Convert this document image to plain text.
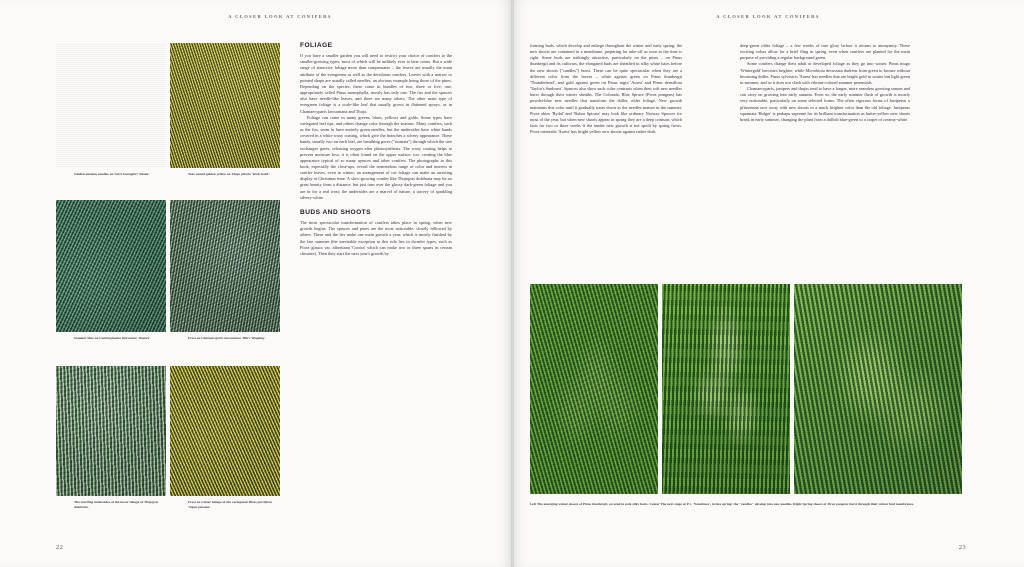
A CLOSER LOOK AT CONIFERS
Golden autumn needles on Larix kaempferi 'Diana'.	Year-round golden yellow on Thuja plicata 'Irish Gold'.
Summer blue on Cunninghamia lanceolata 'Glauca'.	Frost on Chamaecyparis lawsoniana 'Dik's Weeping'.
The startling undersides of the lower foliage of Thujopsis dolabrata.
Frost on winter foliage of the variegated Pinus parviflora 'Ogon-janome'.
FOLIAGE

If you have a smaller garden you will need to restrict your choice of conifers to the smaller-growing types, most of which will be unlikely ever to bear cones. But a wide range of attractive foliage more than compensates – the leaves are usually the main attribute of the evergreens as well as the deciduous conifers. Leaves with a narrow or pointed shape are usually called needles, an obvious example being those of the pines. Depending on the species, these come in bundles of two, three or five; one, appropriately called Pinus monophylla, mostly has only one. The firs and the spruces also have needle-like leaves, and there are many others. The other main type of evergreen foliage is a scale-like leaf that usually grows in flattened sprays, as in Chamaecyparis lawsoniana and Thuja.

Foliage can come in many greens, blues, yellows and golds. Some types have variegated leaf tips, and others change color through the seasons. Many conifers, such as the firs, seem to have entirely green needles, but the undersides have white bands covered in a white waxy coating, which give the branches a silvery appearance. These bands, usually two on each leaf, are breathing pores ("stomata") through which the tree exchanges gases, releasing oxygen after photosynthesis. The waxy coating helps to prevent moisture loss; it is often found on the upper surface, too, creating the blue appearance typical of so many spruces and other conifers. The photographs in this book, especially the close-ups, reveal the tremendous range of color and interest in conifer leaves, even in winter; an arrangement of cut foliage can make an arresting display at Christmas time. A slow-growing conifer like Thujopsis dolabrata may be no great beauty from a distance, but just turn over the glossy dark-green foliage and you are in for a real treat; the undersides are a marvel of nature, a tracery of sparkling silvery-white.

BUDS AND SHOOTS

The most spectacular transformation of conifers takes place in spring, when new growth begins. The spruces and pines are the most noticeable, closely followed by others. These and the firs make one main growth a year, which is mostly finished by the late summer (the inevitable exception to this rule lies in dwarfer types, such as Picea glauca var. albertiana 'Conica' which can make two or three spurts in certain climates). Then they start the next year's growth by

22
A CLOSER LOOK AT CONIFERS

forming buds, which develop and enlarge throughout the winter and early spring; the new shoots are contained in a membrane, preparing for take-off as soon as the time is right. Some buds are strikingly attractive, particularly on the pines – on Pinus thunbergii and its cultivars, the elongated buds are sheathed in silky white hairs before the new shoots ("candles") burst. These can be quite spectacular when they are a different color from the leaves – white against green on Pinus thunbergii 'Thunderhead', and gold against green on Pinus nigra 'Aurea' and Pinus densiflora 'Taylor's Sunburst'. Spruces also show such color contrasts when their soft new needles burst through their winter sheaths. The Colorado Blue Spruce (Picea pungens) has powder-blue new needles that transform the duller, older foliage. New growth maintains this color until it gradually tones down as the needles mature in the summer. Picea abies 'Rydal' and 'Rubra Spicata' may look like ordinary Norway Spruces for most of the year, but when new shoots appear in spring they are a deep crimson, which lasts for two or three weeks if the tender new growth is not spoilt by spring frosts. Picea orientalis 'Aurea' has bright yellow new shoots against rather drab,

deep-green older foliage – a few weeks of true glory before it returns to anonymity. These exciting colors allow for a brief fling in spring, even when conifers are planted for the main purpose of providing a regular background green.

Some conifers change their adult or developed foliage as they go into winter. Pinus mugo 'Wintergold' becomes brighter, while Microbiota decussata darkens from green to bronze without becoming duller. Pinus sylvestris 'Aurea' has needles that are bright gold in winter but light green in summer, and so it does not clash with vibrant-colored summer perennials.

Chamaecyparis, junipers and thujas tend to have a longer, more seamless growing season and can carry on growing into early autumn. Even so, the early summer flush of growth is mostly very noticeable, particularly on some selected forms. The often vigorous forms of Juniperus x pfitzeriana race away with new shoots in a much brighter color than the old foliage. Juniperus squamata 'Holger' is perhaps supreme for its brilliant transformation as butter-yellow new shoots break in early summer, changing the plant from a dullish blue-green to a carpet of creamy-white.

Left The emerging winter shoots of Pinus thunbergii, covered in pale silky hairs. Center The next stage of P. t. 'Yatsubusa', in late spring: the "candles" develop into new needles. Right Spring shoots of Picea pungens burst through their winter bud membranes.
23
